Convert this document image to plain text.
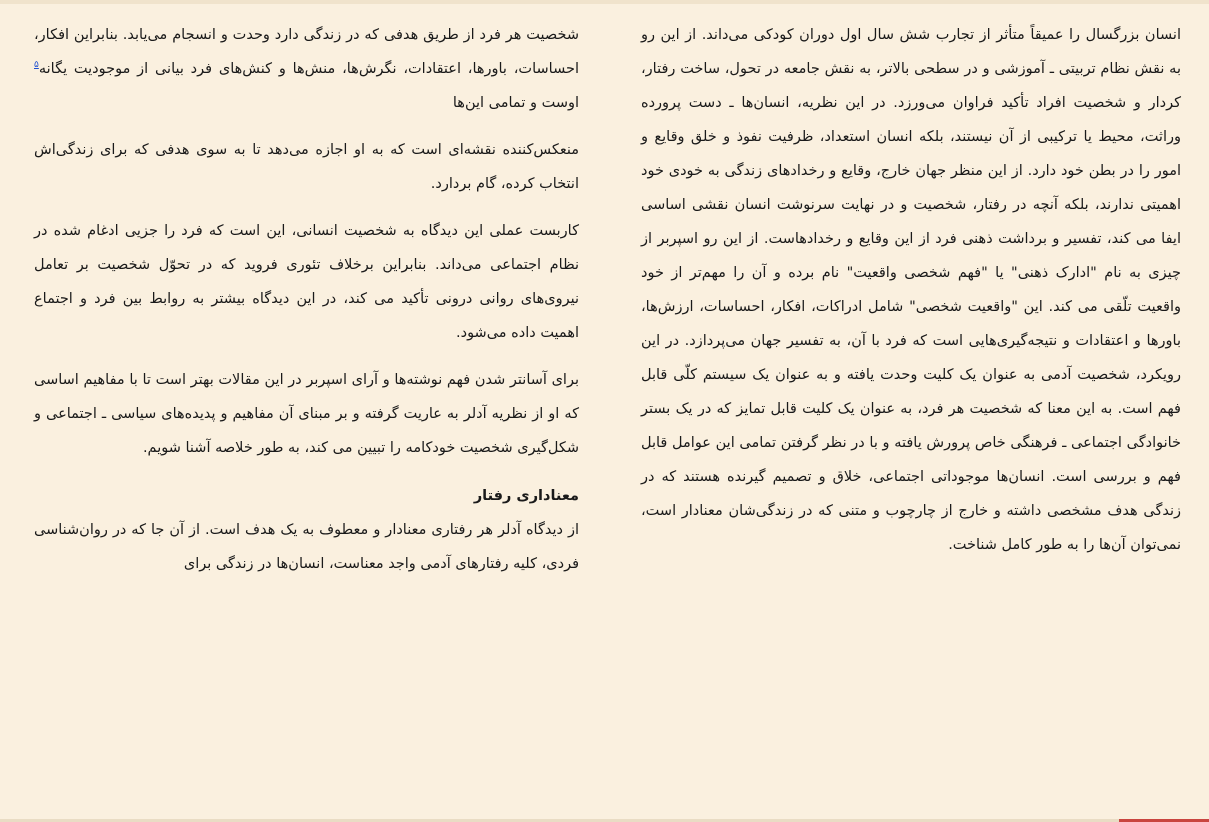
انسان بزرگسال را عمیقاً متأثر از تجارب شش سال اول دوران کودکی می‌داند. از این رو به نقش نظام تربیتی ـ آموزشی و در سطحی بالاتر، به نقش جامعه در تحول، ساخت رفتار، کردار و شخصیت افراد تأکید فراوان می‌ورزد. در این نظریه، انسان‌ها ـ دست پرورده وراثت، محیط یا ترکیبی از آن نیستند، بلکه انسان استعداد، ظرفیت نفوذ و خلق وقایع و امور را در بطن خود دارد. از این منظر جهان خارج، وقایع و رخدادهای زندگی به خودی خود اهمیتی ندارند، بلکه آنچه در رفتار، شخصیت و در نهایت سرنوشت انسان نقشی اساسی ایفا می کند، تفسیر و برداشت ذهنی فرد از این وقایع و رخدادهاست. از این رو اسپربر از چیزی به نام "ادارک ذهنی" یا "فهم شخصی واقعیت" نام برده و آن را مهم‌تر از خود واقعیت تلّقی می کند. این "واقعیت شخصی" شامل ادراکات، افکار، احساسات، ارزش‌ها، باورها و اعتقادات و نتیجه‌گیری‌هایی است که فرد با آن، به تفسیر جهان می‌پردازد. در این رویکرد، شخصیت آدمی به عنوان یک کلیت وحدت یافته و به عنوان یک سیستم کلّی قابل فهم است. به این معنا که شخصیت هر فرد، به عنوان یک کلیت قابل تمایز که در یک بستر خانوادگی اجتماعی ـ فرهنگی خاص پرورش یافته و با در نظر گرفتن تمامی این عوامل قابل فهم و بررسی است. انسان‌ها موجوداتی اجتماعی، خلاق و تصمیم گیرنده هستند که در زندگی هدف مشخصی داشته و خارج از چارچوب و متنی که در زندگی‌شان معنادار است، نمی‌توان آن‌ها را به طور کامل شناخت.

شخصیت هر فرد از طریق هدفی که در زندگی دارد وحدت و انسجام می‌یابد. بنابراین افکار، احساسات، باورها، اعتقادات، نگرش‌ها، منش‌ها و کنش‌های فرد بیانی از موجودیت یگانه$^۵$ اوست و تمامی این‌ها

منعکس‌کننده نقشه‌ای است که به او اجازه می‌دهد تا به سوی هدفی که برای زندگی‌اش انتخاب کرده، گام بردارد.

کاربست عملی این دیدگاه به شخصیت انسانی، این است که فرد را جزیی ادغام شده در نظام اجتماعی می‌داند. بنابراین برخلاف تئوری فروید که در تحوّل شخصیت بر تعامل نیروی‌های روانی درونی تأکید می کند، در این دیدگاه بیشتر به روابط بین فرد و اجتماع اهمیت داده می‌شود.

برای آسانتر شدن فهم نوشته‌ها و آرای اسپربر در این مقالات بهتر است تا با مفاهیم اساسی که او از نظریه آدلر به عاریت گرفته و بر مبنای آن مفاهیم و پدیده‌های سیاسی ـ اجتماعی و شکل‌گیری شخصیت خودکامه را تبیین می کند، به طور خلاصه آشنا شویم.

معناداری رفتار

از دیدگاه آدلر هر رفتاری معنادار و معطوف به یک هدف است. از آن جا که در روان‌شناسی فردی، کلیه رفتارهای آدمی واجد معناست، انسان‌ها در زندگی برای
